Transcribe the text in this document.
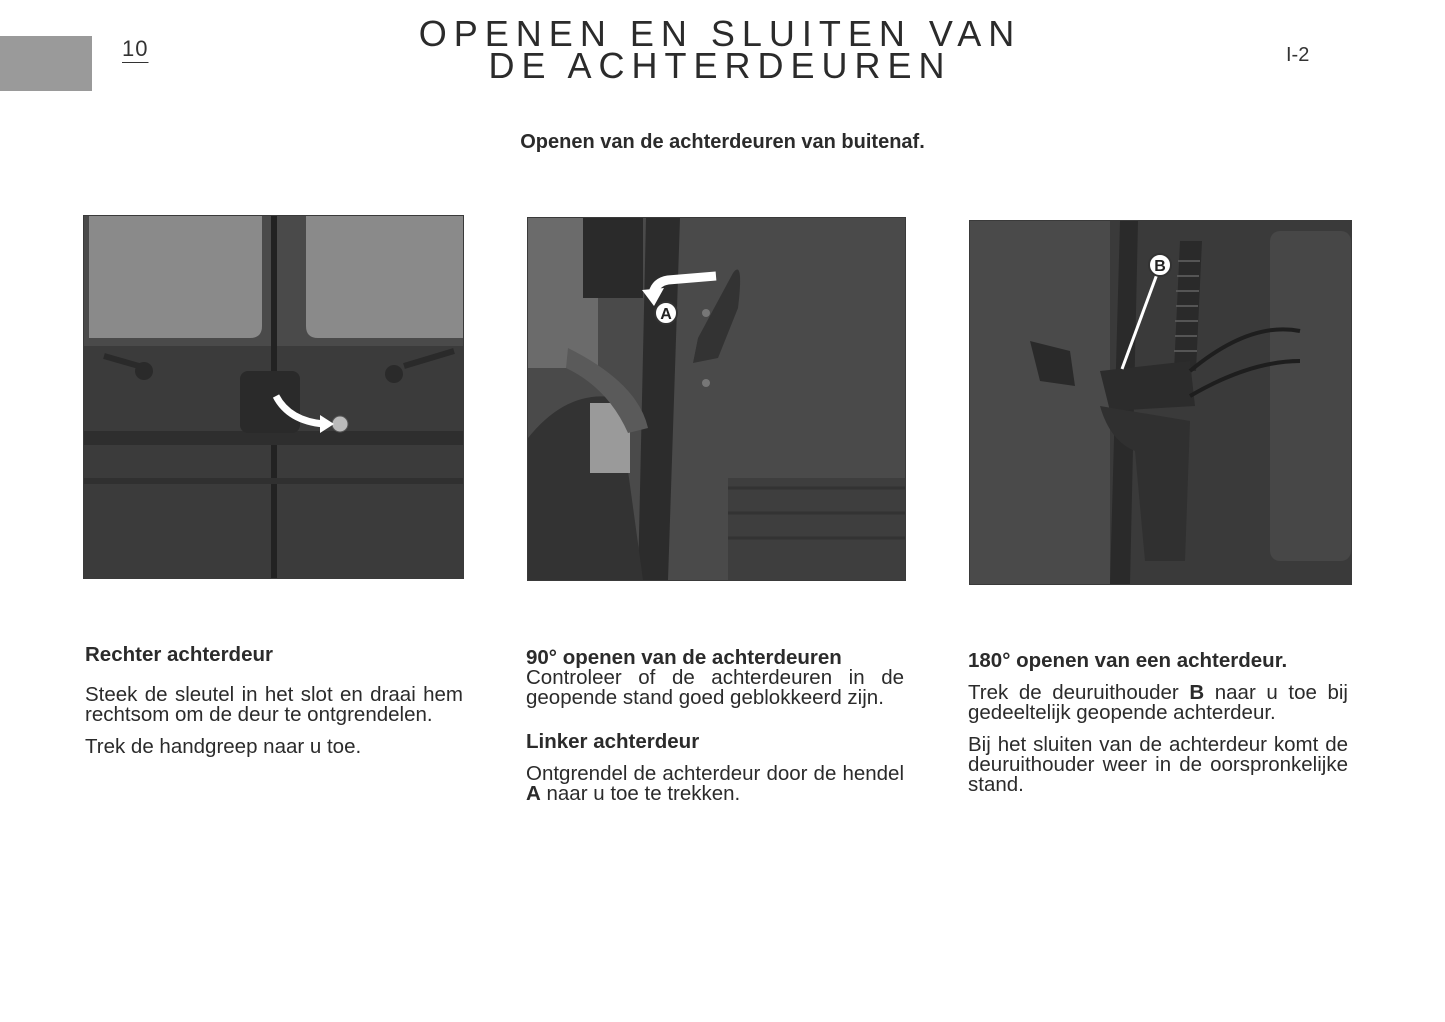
10	OPENEN EN SLUITEN VAN
DE ACHTERDEUREN	I-2
Openen van de achterdeuren van buitenaf.
A
B
Rechter achterdeur

Steek de sleutel in het slot en draai hem rechtsom om de deur te ontgrendelen.

Trek de handgreep naar u toe.

90° openen van de achterdeuren

Controleer of de achterdeuren in de geopende stand goed geblokkeerd zijn.

Linker achterdeur

Ontgrendel de achterdeur door de hendel A naar u toe te trekken.

180° openen van een achterdeur.

Trek de deuruithouder B naar u toe bij gedeeltelijk geopende achterdeur.

Bij het sluiten van de achterdeur komt de deuruithouder weer in de oorspronkelijke stand.
